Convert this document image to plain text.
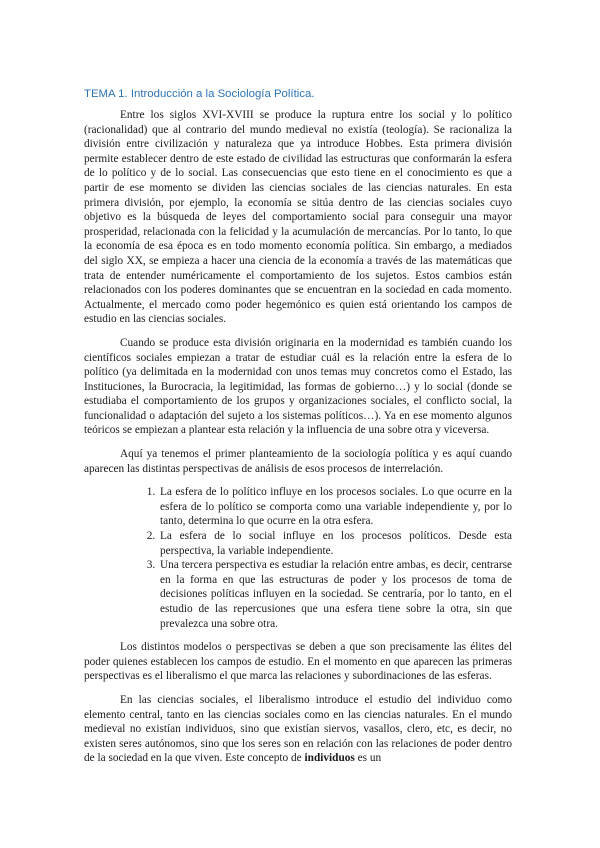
TEMA 1. Introducción a la Sociología Política.

Entre los siglos XVI-XVIII se produce la ruptura entre los social y lo político (racionalidad) que al contrario del mundo medieval no existía (teología). Se racionaliza la división entre civilización y naturaleza que ya introduce Hobbes. Esta primera división permite establecer dentro de este estado de civilidad las estructuras que conformarán la esfera de lo político y de lo social. Las consecuencias que esto tiene en el conocimiento es que a partir de ese momento se dividen las ciencias sociales de las ciencias naturales. En esta primera división, por ejemplo, la economía se sitúa dentro de las ciencias sociales cuyo objetivo es la búsqueda de leyes del comportamiento social para conseguir una mayor prosperidad, relacionada con la felicidad y la acumulación de mercancías. Por lo tanto, lo que la economía de esa época es en todo momento economía política. Sin embargo, a mediados del siglo XX, se empieza a hacer una ciencia de la economía a través de las matemáticas que trata de entender numéricamente el comportamiento de los sujetos. Estos cambios están relacionados con los poderes dominantes que se encuentran en la sociedad en cada momento. Actualmente, el mercado como poder hegemónico es quien está orientando los campos de estudio en las ciencias sociales.

Cuando se produce esta división originaria en la modernidad es también cuando los científicos sociales empiezan a tratar de estudiar cuál es la relación entre la esfera de lo político (ya delimitada en la modernidad con unos temas muy concretos como el Estado, las Instituciones, la Burocracia, la legitimidad, las formas de gobierno…) y lo social (donde se estudiaba el comportamiento de los grupos y organizaciones sociales, el conflicto social, la funcionalidad o adaptación del sujeto a los sistemas políticos…). Ya en ese momento algunos teóricos se empiezan a plantear esta relación y la influencia de una sobre otra y viceversa.

Aquí ya tenemos el primer planteamiento de la sociología política y es aquí cuando aparecen las distintas perspectivas de análisis de esos procesos de interrelación.

1. La esfera de lo político influye en los procesos sociales. Lo que ocurre en la esfera de lo político se comporta como una variable independiente y, por lo tanto, determina lo que ocurre en la otra esfera.
2. La esfera de lo social influye en los procesos políticos. Desde esta perspectiva, la variable independiente.
3. Una tercera perspectiva es estudiar la relación entre ambas, es decir, centrarse en la forma en que las estructuras de poder y los procesos de toma de decisiones políticas influyen en la sociedad. Se centraría, por lo tanto, en el estudio de las repercusiones que una esfera tiene sobre la otra, sin que prevalezca una sobre otra.

Los distintos modelos o perspectivas se deben a que son precisamente las élites del poder quienes establecen los campos de estudio. En el momento en que aparecen las primeras perspectivas es el liberalismo el que marca las relaciones y subordinaciones de las esferas.

En las ciencias sociales, el liberalismo introduce el estudio del individuo como elemento central, tanto en las ciencias sociales como en las ciencias naturales. En el mundo medieval no existían individuos, sino que existían siervos, vasallos, clero, etc, es decir, no existen seres autónomos, sino que los seres son en relación con las relaciones de poder dentro de la sociedad en la que viven. Este concepto de individuos es un
